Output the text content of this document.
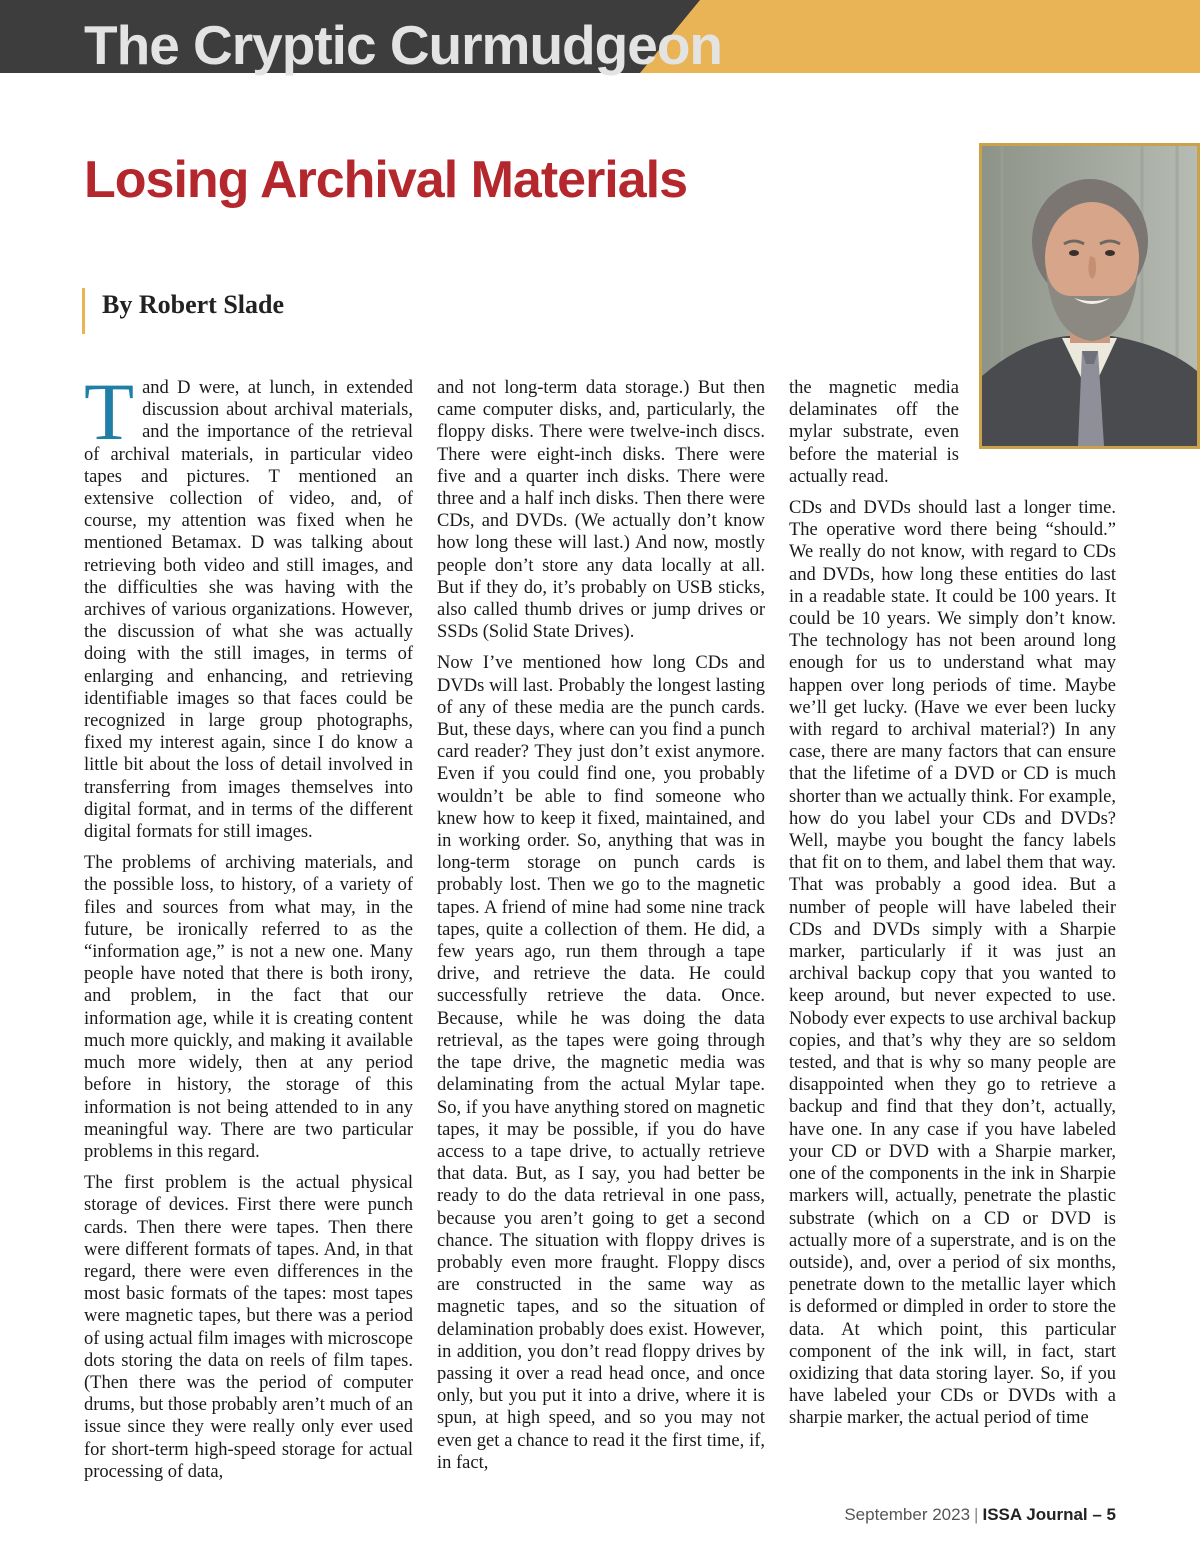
The Cryptic Curmudgeon
Losing Archival Materials
By Robert Slade

Tand D were, at lunch, in extended discussion about archival materials, and the importance of the retrieval of archival materials, in particular video tapes and pictures. T mentioned an extensive collection of video, and, of course, my attention was fixed when he mentioned Betamax. D was talking about retrieving both video and still images, and the difficulties she was having with the archives of various organizations. However, the discussion of what she was actually doing with the still images, in terms of enlarging and enhancing, and retrieving identifiable images so that faces could be recognized in large group photographs, fixed my interest again, since I do know a little bit about the loss of detail involved in transferring from images themselves into digital format, and in terms of the different digital formats for still images.

The problems of archiving materials, and the possible loss, to history, of a variety of files and sources from what may, in the future, be ironically referred to as the “information age,” is not a new one. Many people have noted that there is both irony, and problem, in the fact that our information age, while it is creating content much more quickly, and making it available much more widely, then at any period before in history, the storage of this information is not being attended to in any meaningful way. There are two particular problems in this regard.

The first problem is the actual physical storage of devices. First there were punch cards. Then there were tapes. Then there were different formats of tapes. And, in that regard, there were even differences in the most basic formats of the tapes: most tapes were magnetic tapes, but there was a period of using actual film images with microscope dots storing the data on reels of film tapes. (Then there was the period of computer drums, but those probably aren’t much of an issue since they were really only ever used for short-term high-speed storage for actual processing of data,

and not long-term data storage.) But then came computer disks, and, particularly, the floppy disks. There were twelve-inch discs. There were eight-inch disks. There were five and a quarter inch disks. There were three and a half inch disks. Then there were CDs, and DVDs. (We actually don’t know how long these will last.) And now, mostly people don’t store any data locally at all. But if they do, it’s probably on USB sticks, also called thumb drives or jump drives or SSDs (Solid State Drives).

Now I’ve mentioned how long CDs and DVDs will last. Probably the longest lasting of any of these media are the punch cards. But, these days, where can you find a punch card reader? They just don’t exist anymore. Even if you could find one, you probably wouldn’t be able to find someone who knew how to keep it fixed, maintained, and in working order. So, anything that was in long-term storage on punch cards is probably lost. Then we go to the magnetic tapes. A friend of mine had some nine track tapes, quite a collection of them. He did, a few years ago, run them through a tape drive, and retrieve the data. He could successfully retrieve the data. Once. Because, while he was doing the data retrieval, as the tapes were going through the tape drive, the magnetic media was delaminating from the actual Mylar tape. So, if you have anything stored on magnetic tapes, it may be possible, if you do have access to a tape drive, to actually retrieve that data. But, as I say, you had better be ready to do the data retrieval in one pass, because you aren’t going to get a second chance. The situation with floppy drives is probably even more fraught. Floppy discs are constructed in the same way as magnetic tapes, and so the situation of delamination probably does exist. However, in addition, you don’t read floppy drives by passing it over a read head once, and once only, but you put it into a drive, where it is spun, at high speed, and so you may not even get a chance to read it the first time, if, in fact,

the magnetic media delaminates off the mylar substrate, even before the material is actually read.

CDs and DVDs should last a longer time. The operative word there being “should.” We really do not know, with regard to CDs and DVDs, how long these entities do last in a readable state. It could be 100 years. It could be 10 years. We simply don’t know. The technology has not been around long enough for us to understand what may happen over long periods of time. Maybe we’ll get lucky. (Have we ever been lucky with regard to archival material?) In any case, there are many factors that can ensure that the lifetime of a DVD or CD is much shorter than we actually think. For example, how do you label your CDs and DVDs? Well, maybe you bought the fancy labels that fit on to them, and label them that way. That was probably a good idea. But a number of people will have labeled their CDs and DVDs simply with a Sharpie marker, particularly if it was just an archival backup copy that you wanted to keep around, but never expected to use. Nobody ever expects to use archival backup copies, and that’s why they are so seldom tested, and that is why so many people are disappointed when they go to retrieve a backup and find that they don’t, actually, have one. In any case if you have labeled your CD or DVD with a Sharpie marker, one of the components in the ink in Sharpie markers will, actually, penetrate the plastic substrate (which on a CD or DVD is actually more of a superstrate, and is on the outside), and, over a period of six months, penetrate down to the metallic layer which is deformed or dimpled in order to store the data. At which point, this particular component of the ink will, in fact, start oxidizing that data storing layer. So, if you have labeled your CDs or DVDs with a sharpie marker, the actual period of time

September 2023 | ISSA Journal – 5
